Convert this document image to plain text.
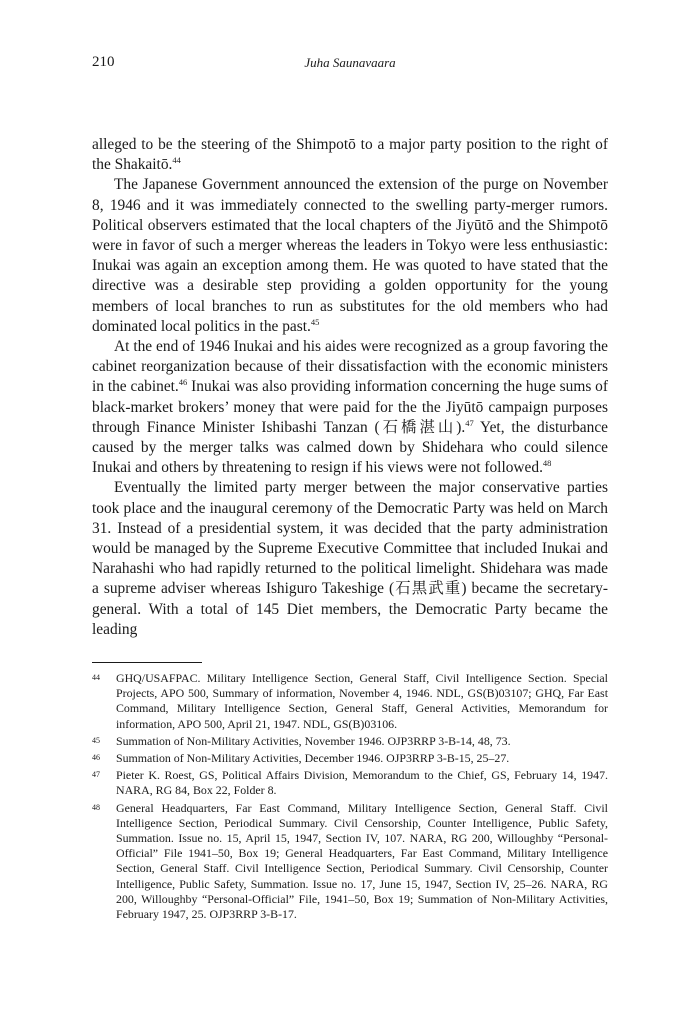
210	Juha Saunavaara

alleged to be the steering of the Shimpotō to a major party position to the right of the Shakaitō.$^{44}$

The Japanese Government announced the extension of the purge on November 8, 1946 and it was immediately connected to the swelling party-merger rumors. Political observers estimated that the local chapters of the Jiyūtō and the Shimpotō were in favor of such a merger whereas the leaders in Tokyo were less enthusiastic: Inukai was again an exception among them. He was quoted to have stated that the directive was a desirable step providing a golden opportunity for the young members of local branches to run as substitutes for the old members who had dominated local politics in the past.$^{45}$

At the end of 1946 Inukai and his aides were recognized as a group favoring the cabinet reorganization because of their dissatisfaction with the economic ministers in the cabinet.$^{46}$ Inukai was also providing information concerning the huge sums of black-market brokers’ money that were paid for the the Jiyūtō campaign purposes through Finance Minister Ishibashi Tanzan (石橋湛山).$^{47}$ Yet, the disturbance caused by the merger talks was calmed down by Shidehara who could silence Inukai and others by threatening to resign if his views were not followed.$^{48}$

Eventually the limited party merger between the major conservative parties took place and the inaugural ceremony of the Democratic Party was held on March 31. Instead of a presidential system, it was decided that the party administration would be managed by the Supreme Executive Committee that included Inukai and Narahashi who had rapidly returned to the political limelight. Shidehara was made a supreme adviser whereas Ishiguro Takeshige (石黒武重) became the secretary-general. With a total of 145 Diet members, the Democratic Party became the leading

44 GHQ/USAFPAC. Military Intelligence Section, General Staff, Civil Intelligence Section. Special Projects, APO 500, Summary of information, November 4, 1946. NDL, GS(B)03107; GHQ, Far East Command, Military Intelligence Section, General Staff, General Activities, Memorandum for information, APO 500, April 21, 1947. NDL, GS(B)03106.
45 Summation of Non-Military Activities, November 1946. OJP3RRP 3-B-14, 48, 73.
46 Summation of Non-Military Activities, December 1946. OJP3RRP 3-B-15, 25–27.
47 Pieter K. Roest, GS, Political Affairs Division, Memorandum to the Chief, GS, February 14, 1947. NARA, RG 84, Box 22, Folder 8.
48 General Headquarters, Far East Command, Military Intelligence Section, General Staff. Civil Intelligence Section, Periodical Summary. Civil Censorship, Counter Intelligence, Public Safety, Summation. Issue no. 15, April 15, 1947, Section IV, 107. NARA, RG 200, Willoughby “Personal-Official” File 1941–50, Box 19; General Headquarters, Far East Command, Military Intelligence Section, General Staff. Civil Intelligence Section, Periodical Summary. Civil Censorship, Counter Intelligence, Public Safety, Summation. Issue no. 17, June 15, 1947, Section IV, 25–26. NARA, RG 200, Willoughby “Personal-Official” File, 1941–50, Box 19; Summation of Non-Military Activities, February 1947, 25. OJP3RRP 3-B-17.
